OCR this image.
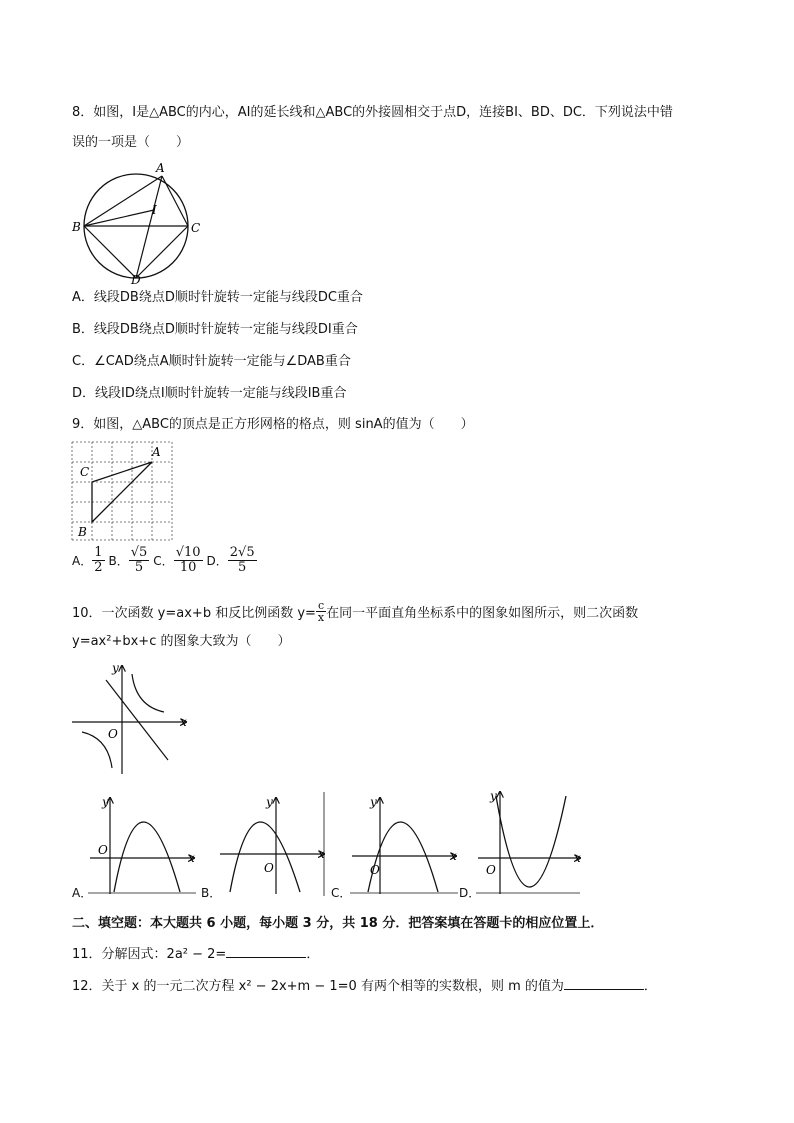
8．如图，I是△ABC的内心，AI的延长线和△ABC的外接圆相交于点D，连接BI、BD、DC．下列说法中错
误的一项是（　　）
A
B	C
D
I
A．线段DB绕点D顺时针旋转一定能与线段DC重合
B．线段DB绕点D顺时针旋转一定能与线段DI重合
C．∠CAD绕点A顺时针旋转一定能与∠DAB重合
D．线段ID绕点I顺时针旋转一定能与线段IB重合
9．如图，△ABC的顶点是正方形网格的格点，则 sinA的值为（　　）
A
C
B
A． $\frac{1}{2}$ B． $\frac{√5}{5}$ C． $\frac{√10}{10}$ D． $\frac{2√5}{5}$
10．一次函数 y=ax+b 和反比例函数 $y= \frac{c}{x}$ 在同一平面直角坐标系中的图象如图所示，则二次函数
y=ax²+bx+c 的图象大致为（　　）
x
y
O
A．
x
y
O
B．
x
y
O
C．
x
y
O
D．
x
y
O
二、填空题：本大题共 6 小题，每小题 3 分，共 18 分．把答案填在答题卡的相应位置上．
11．分解因式：2a² − 2=	．
12．关于 x 的一元二次方程 x² − 2x+m − 1=0 有两个相等的实数根，则 m 的值为	．
